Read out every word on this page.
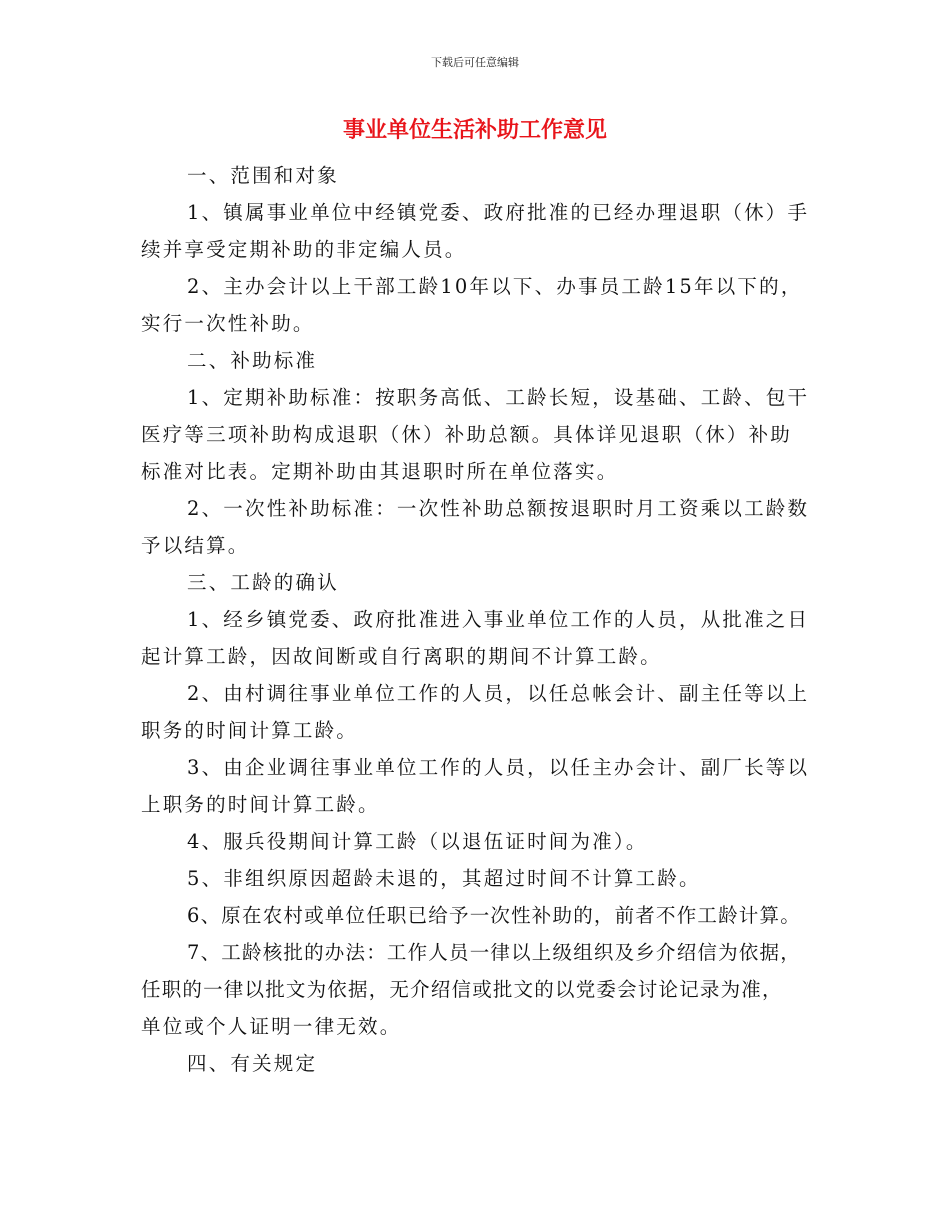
下载后可任意编辑
事业单位生活补助工作意见
一、范围和对象
1、镇属事业单位中经镇党委、政府批准的已经办理退职（休）手
续并享受定期补助的非定编人员。
2、主办会计以上干部工龄10年以下、办事员工龄15年以下的，
实行一次性补助。
二、补助标准
1、定期补助标准：按职务高低、工龄长短，设基础、工龄、包干
医疗等三项补助构成退职（休）补助总额。具体详见退职（休）补助
标准对比表。定期补助由其退职时所在单位落实。
2、一次性补助标准：一次性补助总额按退职时月工资乘以工龄数
予以结算。
三、工龄的确认
1、经乡镇党委、政府批准进入事业单位工作的人员，从批准之日
起计算工龄，因故间断或自行离职的期间不计算工龄。
2、由村调往事业单位工作的人员，以任总帐会计、副主任等以上
职务的时间计算工龄。
3、由企业调往事业单位工作的人员，以任主办会计、副厂长等以
上职务的时间计算工龄。
4、服兵役期间计算工龄（以退伍证时间为准）。
5、非组织原因超龄未退的，其超过时间不计算工龄。
6、原在农村或单位任职已给予一次性补助的，前者不作工龄计算。
7、工龄核批的办法：工作人员一律以上级组织及乡介绍信为依据，
任职的一律以批文为依据，无介绍信或批文的以党委会讨论记录为准，
单位或个人证明一律无效。
四、有关规定
